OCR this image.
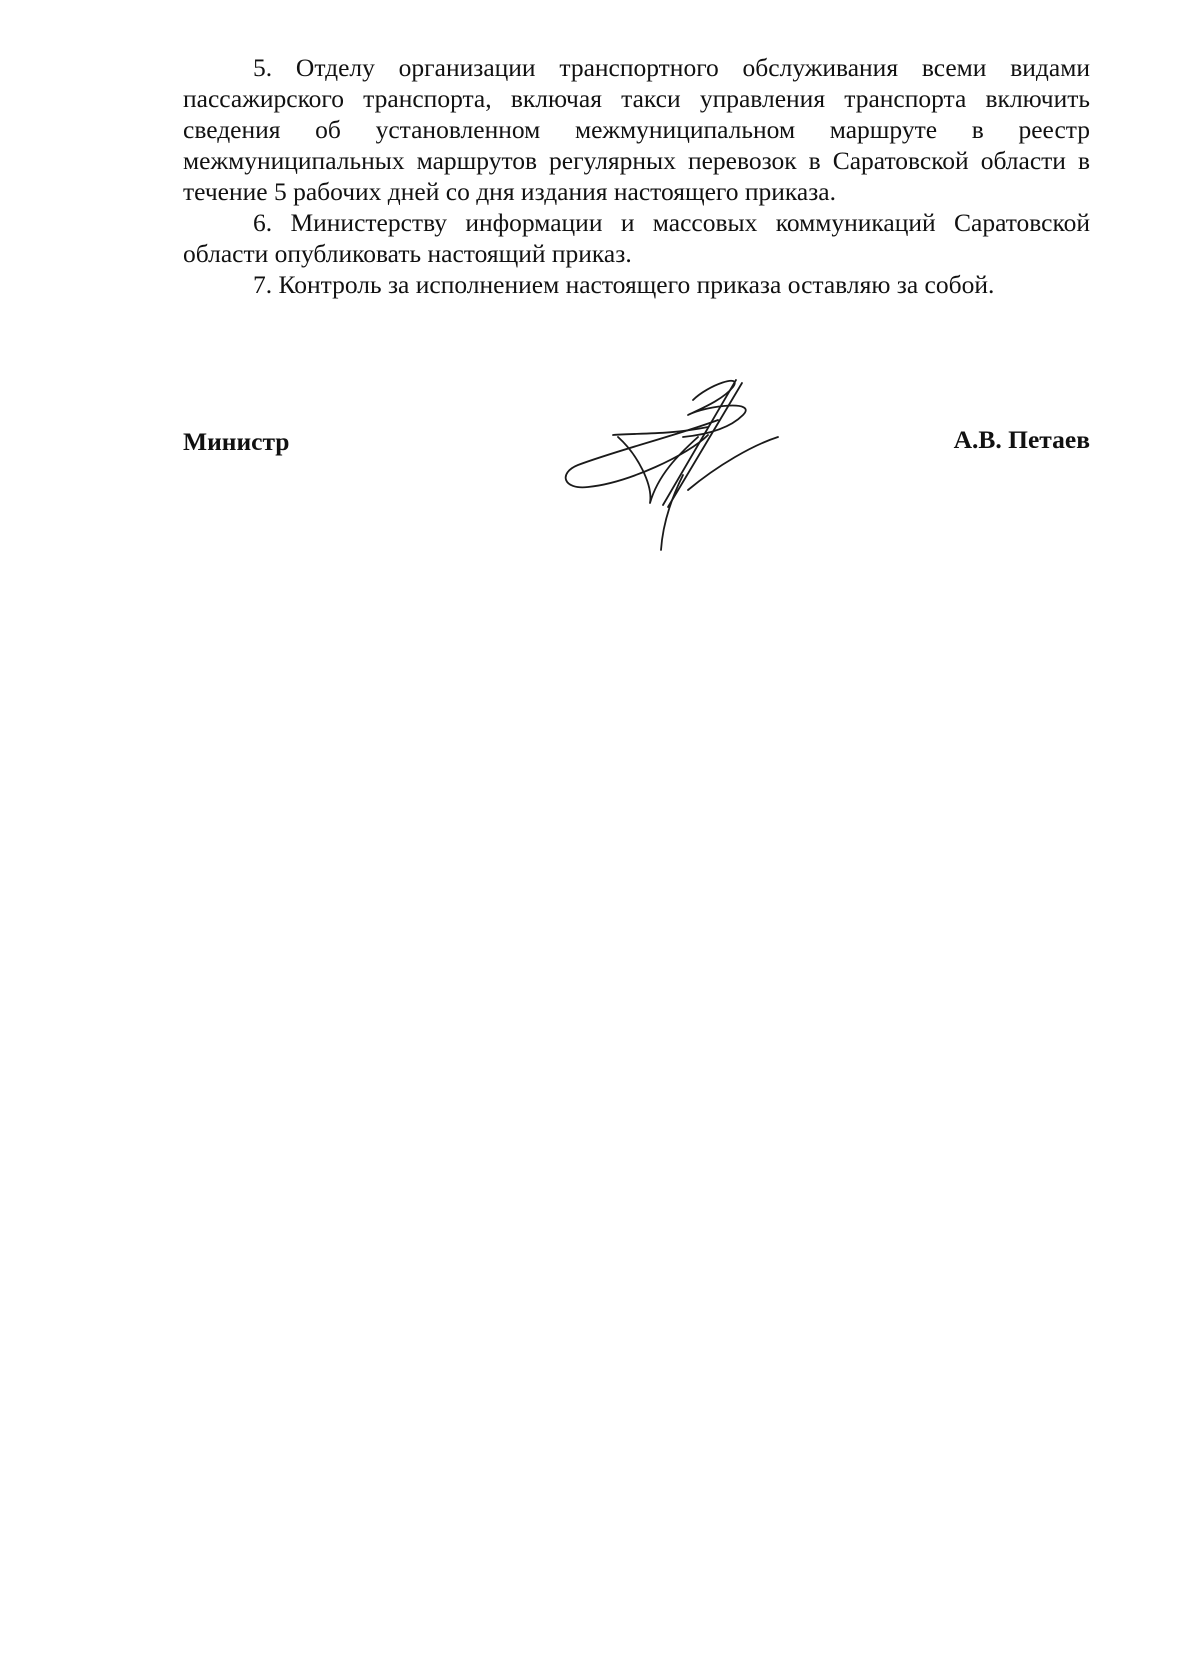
5. Отделу организации транспортного обслуживания всеми видами пассажирского транспорта, включая такси управления транспорта включить сведения об установленном межмуниципальном маршруте в реестр межмуниципальных маршрутов регулярных перевозок в Саратовской области в течение 5 рабочих дней со дня издания настоящего приказа.

6. Министерству информации и массовых коммуникаций Саратовской области опубликовать настоящий приказ.

7. Контроль за исполнением настоящего приказа оставляю за собой.

Министр	А.В. Петаев
